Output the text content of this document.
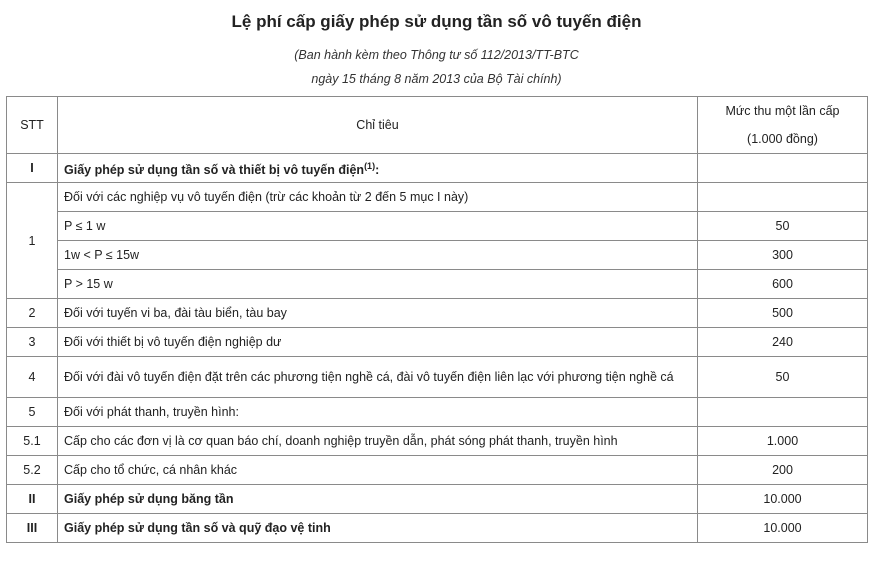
Lệ phí cấp giấy phép sử dụng tần số vô tuyến điện
(Ban hành kèm theo Thông tư số 112/2013/TT-BTC
ngày 15 tháng 8 năm 2013 của Bộ Tài chính)
STT	Chỉ tiêu	Mức thu một lần cấp
(1.000 đồng)

I	Giấy phép sử dụng tần số và thiết bị vô tuyến điện$^{(1)}$:	
1	Đối với các nghiệp vụ vô tuyến điện (trừ các khoản từ 2 đến 5 mục I này)	
	P ≤ 1 w	50
	1w < P ≤ 15w	300
	P > 15 w	600
2	Đối với tuyến vi ba, đài tàu biển, tàu bay	500
3	Đối với thiết bị vô tuyến điện nghiệp dư	240
4	Đối với đài vô tuyến điện đặt trên các phương tiện nghề cá, đài vô tuyến điện liên lạc với phương tiện nghề cá	50
5	Đối với phát thanh, truyền hình:	
5.1	Cấp cho các đơn vị là cơ quan báo chí, doanh nghiệp truyền dẫn, phát sóng phát thanh, truyền hình	1.000
5.2	Cấp cho tổ chức, cá nhân khác	200
II	Giấy phép sử dụng băng tần	10.000
III	Giấy phép sử dụng tần số và quỹ đạo vệ tinh	10.000
